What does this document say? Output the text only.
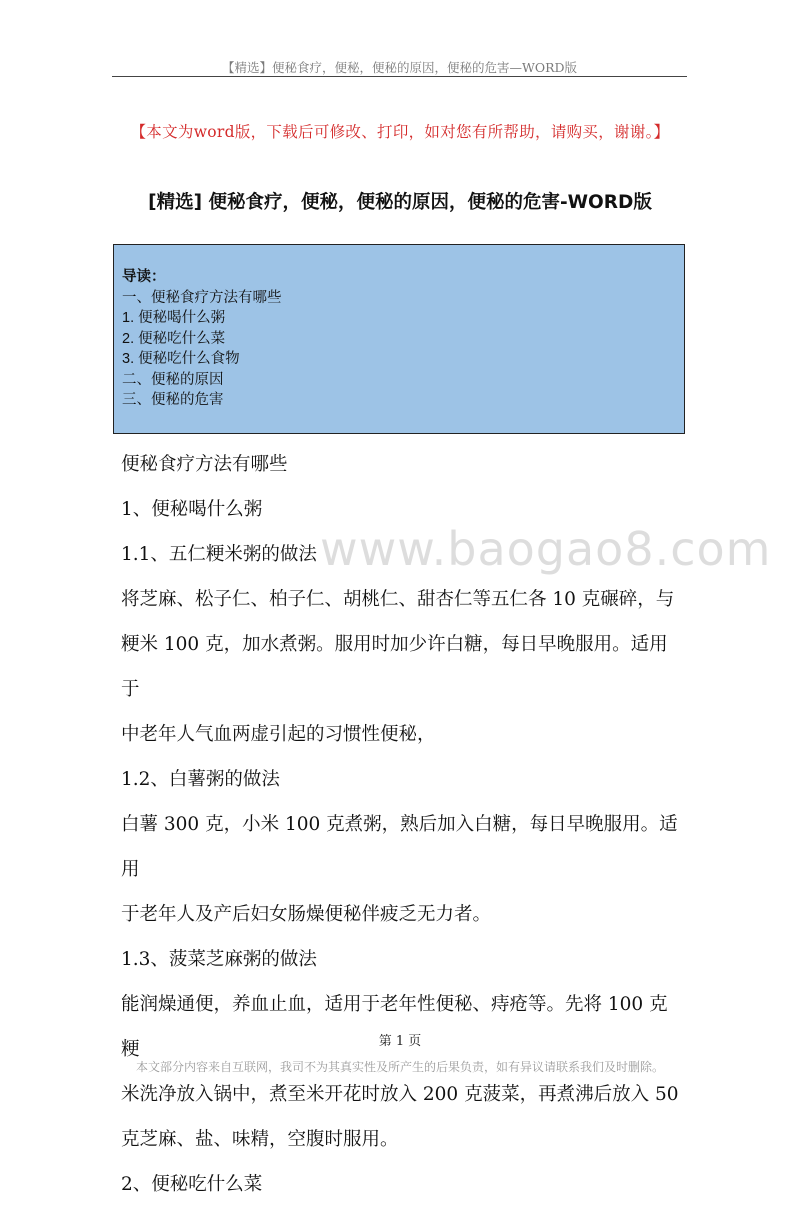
【精选】便秘食疗，便秘，便秘的原因，便秘的危害—WORD版
【本文为word版，下载后可修改、打印，如对您有所帮助，请购买，谢谢。】
[精选] 便秘食疗，便秘，便秘的原因，便秘的危害-WORD版
导读：
一、便秘食疗方法有哪些
1. 便秘喝什么粥
2. 便秘吃什么菜
3. 便秘吃什么食物
二、便秘的原因
三、便秘的危害
www.baogao8.com

便秘食疗方法有哪些

1、便秘喝什么粥

1.1、五仁粳米粥的做法

将芝麻、松子仁、柏子仁、胡桃仁、甜杏仁等五仁各 10 克碾碎，与

粳米 100 克，加水煮粥。服用时加少许白糖，每日早晚服用。适用于

中老年人气血两虚引起的习惯性便秘，

1.2、白薯粥的做法

白薯 300 克，小米 100 克煮粥，熟后加入白糖，每日早晚服用。适用

于老年人及产后妇女肠燥便秘伴疲乏无力者。

1.3、菠菜芝麻粥的做法

能润燥通便，养血止血，适用于老年性便秘、痔疮等。先将 100 克粳

米洗净放入锅中，煮至米开花时放入 200 克菠菜，再煮沸后放入 50

克芝麻、盐、味精，空腹时服用。

2、便秘吃什么菜

第 1 页
本文部分内容来自互联网，我司不为其真实性及所产生的后果负责，如有异议请联系我们及时删除。
